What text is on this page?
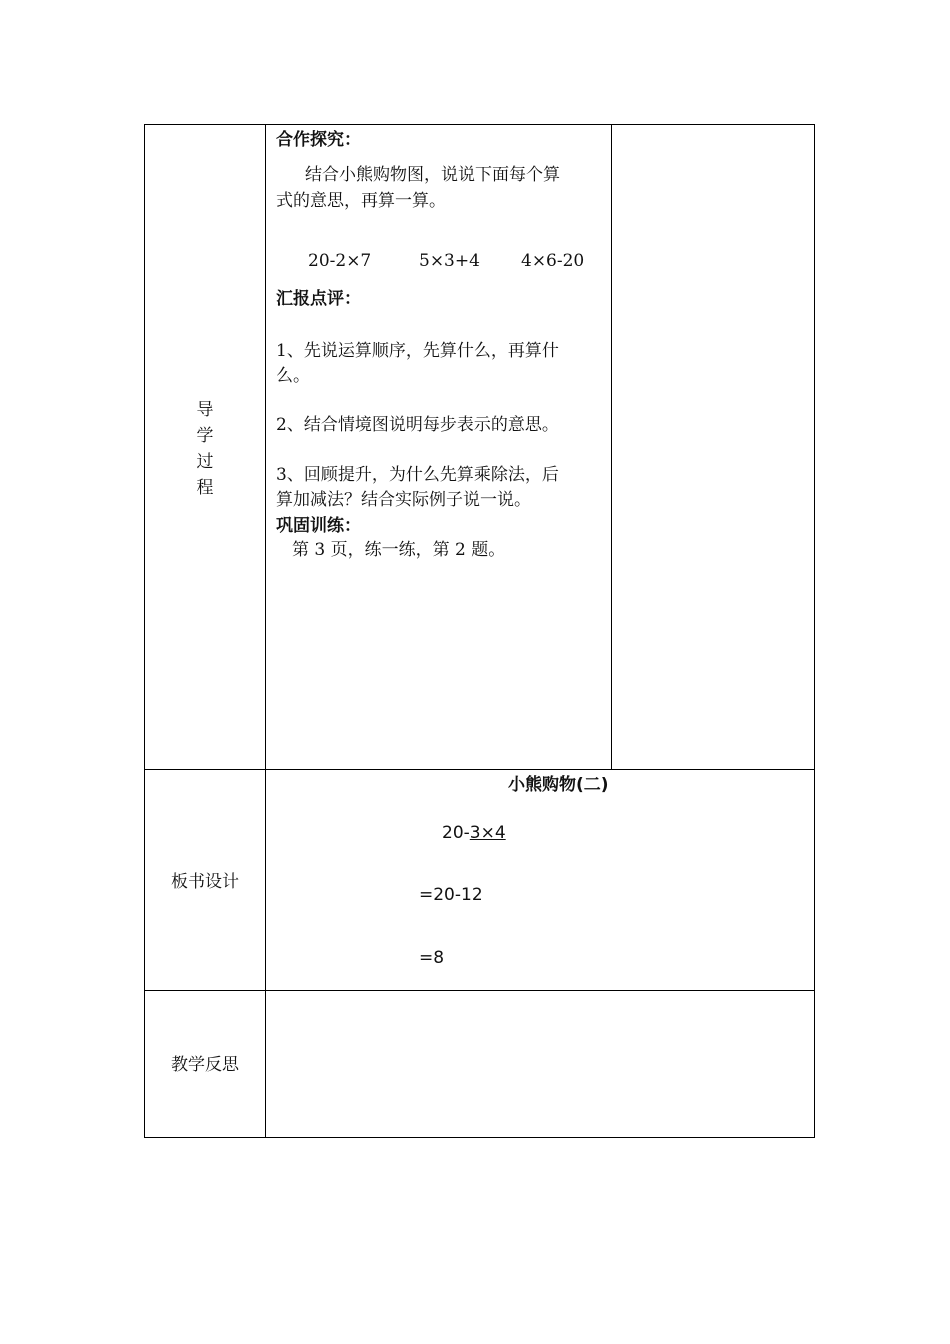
导
学
过
程
合作探究：
结合小熊购物图，说说下面每个算
式的意思，再算一算。
20-2×7	5×3+4 4×6-20
汇报点评：
1、先说运算顺序，先算什么，再算什
么。
2、结合情境图说明每步表示的意思。
3、回顾提升，为什么先算乘除法，后
算加减法？结合实际例子说一说。
巩固训练：
第 3 页，练一练，第 2 题。
板书设计
小熊购物(二)
20-3×4
=20-12
=8
教学反思
